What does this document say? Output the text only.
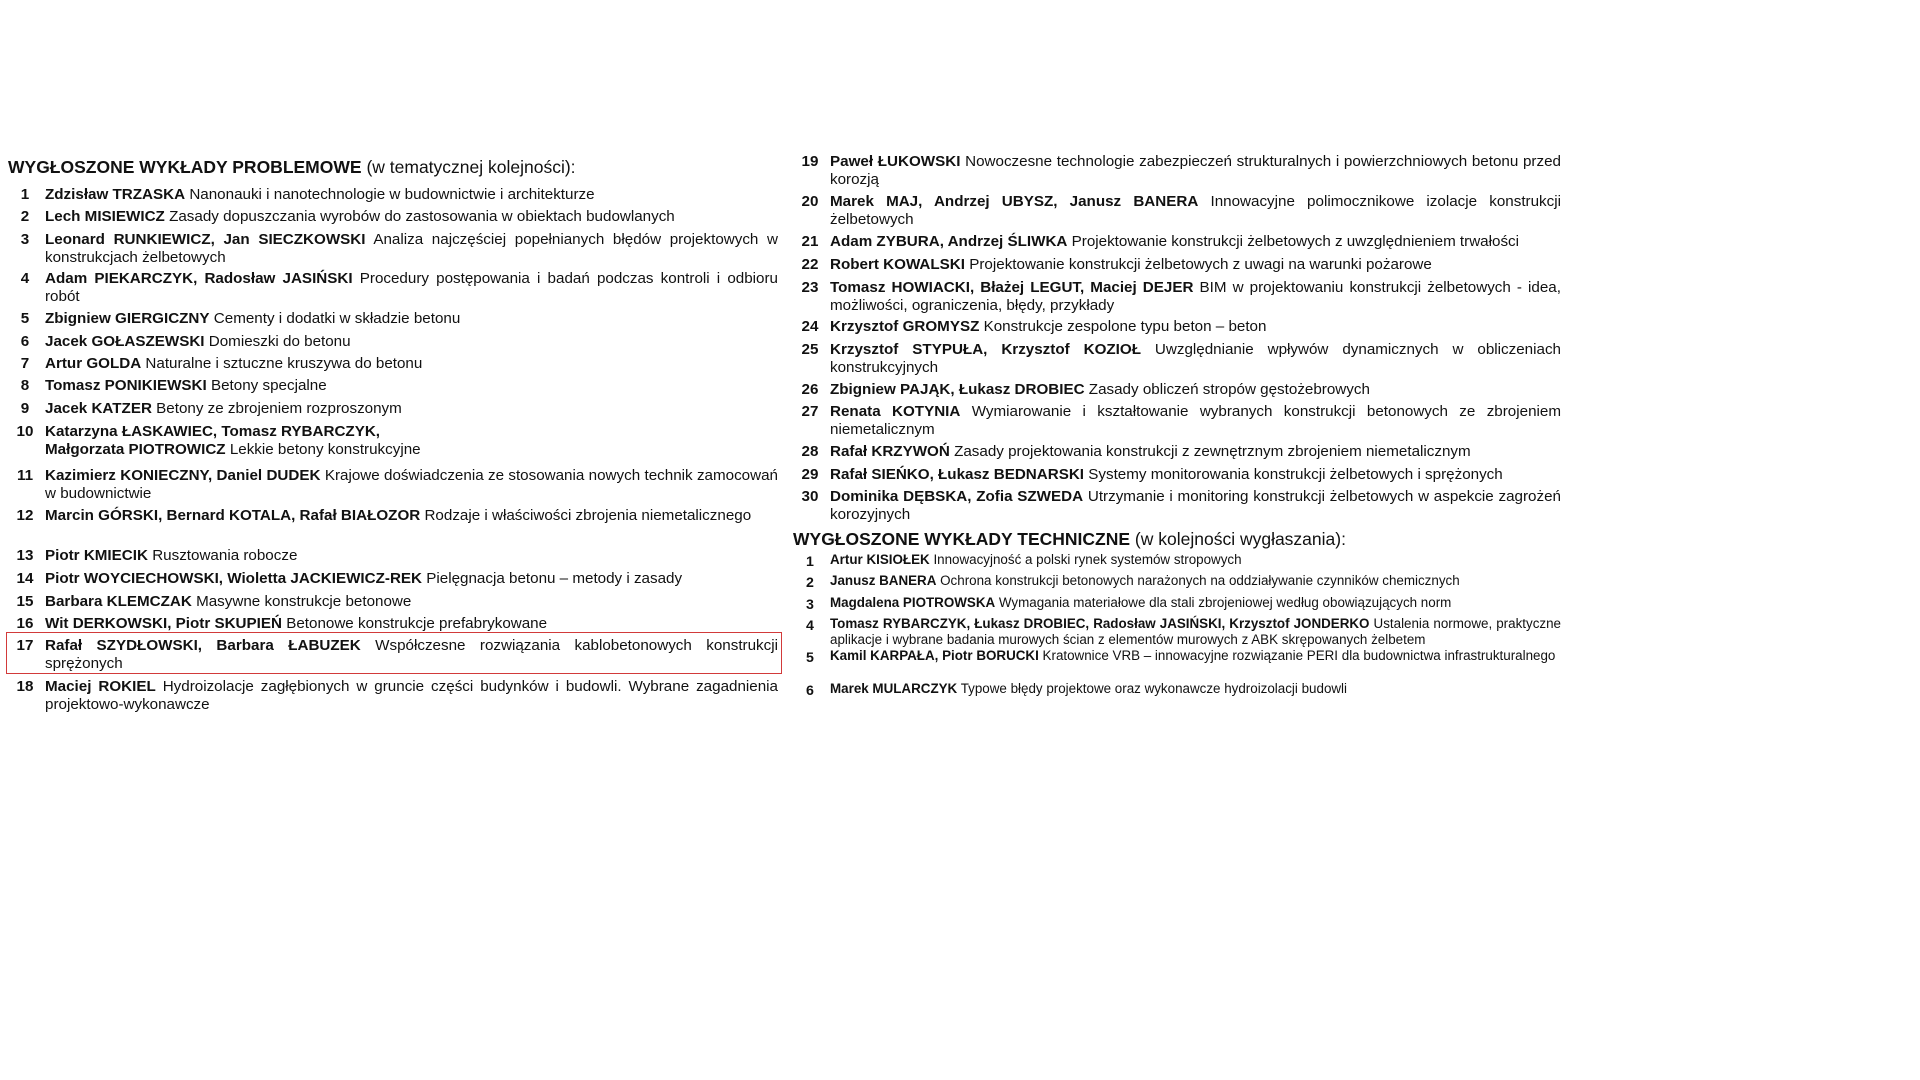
WYGŁOSZONE WYKŁADY PROBLEMOWE (w tematycznej kolejności):
1	Zdzisław TRZASKA Nanonauki i nanotechnologie w budownictwie i architekturze
2	Lech MISIEWICZ Zasady dopuszczania wyrobów do zastosowania w obiektach budowlanych
3	Leonard RUNKIEWICZ, Jan SIECZKOWSKI Analiza najczęściej popełnianych błędów projektowych w konstrukcjach żelbetowych
4	Adam PIEKARCZYK, Radosław JASIŃSKI Procedury postępowania i badań podczas kontroli i odbioru robót
5	Zbigniew GIERGICZNY Cementy i dodatki w składzie betonu
6	Jacek GOŁASZEWSKI Domieszki do betonu
7	Artur GOLDA Naturalne i sztuczne kruszywa do betonu
8	Tomasz PONIKIEWSKI Betony specjalne
9	Jacek KATZER Betony ze zbrojeniem rozproszonym
10 Katarzyna ŁASKAWIEC, Tomasz RYBARCZYK,
Małgorzata PIOTROWICZ Lekkie betony konstrukcyjne
11 Kazimierz KONIECZNY, Daniel DUDEK Krajowe doświadczenia ze stosowania nowych technik zamocowań w budownictwie
12 Marcin GÓRSKI, Bernard KOTALA, Rafał BIAŁOZOR Rodzaje i właściwości zbrojenia niemetalicznego
13 Piotr KMIECIK Rusztowania robocze
14 Piotr WOYCIECHOWSKI, Wioletta JACKIEWICZ-REK Pielęgnacja betonu – metody i zasady
15 Barbara KLEMCZAK Masywne konstrukcje betonowe
16 Wit DERKOWSKI, Piotr SKUPIEŃ Betonowe konstrukcje prefabrykowane
17 Rafał SZYDŁOWSKI, Barbara ŁABUZEK Współczesne rozwiązania kablobetonowych konstrukcji sprężonych
18 Maciej ROKIEL Hydroizolacje zagłębionych w gruncie części budynków i budowli. Wybrane zagadnienia projektowo-wykonawcze
19 Paweł ŁUKOWSKI Nowoczesne technologie zabezpieczeń strukturalnych i powierzchniowych betonu przed korozją
20 Marek MAJ, Andrzej UBYSZ, Janusz BANERA Innowacyjne polimocznikowe izolacje konstrukcji żelbetowych
21 Adam ZYBURA, Andrzej ŚLIWKA Projektowanie konstrukcji żelbetowych z uwzględnieniem trwałości
22 Robert KOWALSKI Projektowanie konstrukcji żelbetowych z uwagi na warunki pożarowe
23 Tomasz HOWIACKI, Błażej LEGUT, Maciej DEJER BIM w projektowaniu konstrukcji żelbetowych - idea, możliwości, ograniczenia, błędy, przykłady
24 Krzysztof GROMYSZ Konstrukcje zespolone typu beton – beton
25 Krzysztof STYPUŁA, Krzysztof KOZIOŁ Uwzględnianie wpływów dynamicznych w obliczeniach konstrukcyjnych
26 Zbigniew PAJĄK, Łukasz DROBIEC Zasady obliczeń stropów gęstożebrowych
27 Renata KOTYNIA Wymiarowanie i kształtowanie wybranych konstrukcji betonowych ze zbrojeniem niemetalicznym
28 Rafał KRZYWOŃ Zasady projektowania konstrukcji z zewnętrznym zbrojeniem niemetalicznym
29 Rafał SIEŃKO, Łukasz BEDNARSKI Systemy monitorowania konstrukcji żelbetowych i sprężonych
30 Dominika DĘBSKA, Zofia SZWEDA Utrzymanie i monitoring konstrukcji żelbetowych w aspekcie zagrożeń korozyjnych
WYGŁOSZONE WYKŁADY TECHNICZNE (w kolejności wygłaszania):
1	Artur KISIOŁEK Innowacyjność a polski rynek systemów stropowych
2	Janusz BANERA Ochrona konstrukcji betonowych narażonych na oddziaływanie czynników chemicznych
3	Magdalena PIOTROWSKA Wymagania materiałowe dla stali zbrojeniowej według obowiązujących norm
4	Tomasz RYBARCZYK, Łukasz DROBIEC, Radosław JASIŃSKI, Krzysztof JONDERKO Ustalenia normowe, praktyczne aplikacje i wybrane badania murowych ścian z elementów murowych z ABK skrępowanych żelbetem
5	Kamil KARPAŁA, Piotr BORUCKI Kratownice VRB – innowacyjne rozwiązanie PERI dla budownictwa infrastrukturalnego
6	Marek MULARCZYK Typowe błędy projektowe oraz wykonawcze hydroizolacji budowli
